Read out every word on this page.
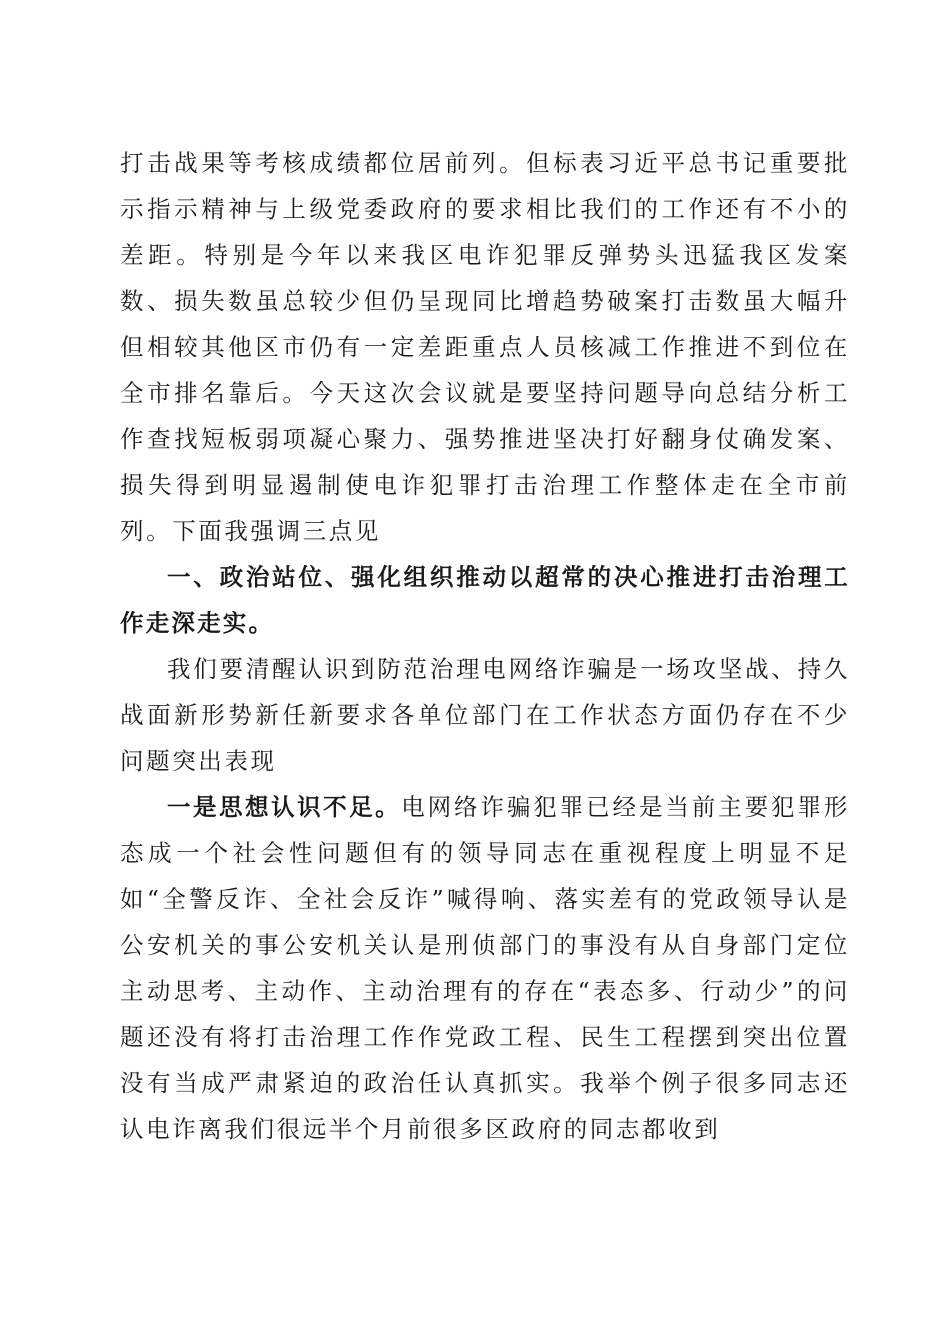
打击战果等考核成绩都位居前列。但标表习近平总书记重要批示指示精神与上级党委政府的要求相比我们的工作还有不小的差距。特别是今年以来我区电诈犯罪反弹势头迅猛我区发案数、损失数虽总较少但仍呈现同比增趋势破案打击数虽大幅升但相较其他区市仍有一定差距重点人员核减工作推进不到位在全市排名靠后。今天这次会议就是要坚持问题导向总结分析工作查找短板弱项凝心聚力、强势推进坚决打好翻身仗确发案、损失得到明显遏制使电诈犯罪打击治理工作整体走在全市前列。下面我强调三点见

一、政治站位、强化组织推动以超常的决心推进打击治理工作走深走实。

我们要清醒认识到防范治理电网络诈骗是一场攻坚战、持久战面新形势新任新要求各单位部门在工作状态方面仍存在不少问题突出表现

一是思想认识不足。电网络诈骗犯罪已经是当前主要犯罪形态成一个社会性问题但有的领导同志在重视程度上明显不足如“全警反诈、全社会反诈”喊得响、落实差有的党政领导认是公安机关的事公安机关认是刑侦部门的事没有从自身部门定位主动思考、主动作、主动治理有的存在“表态多、行动少”的问题还没有将打击治理工作作党政工程、民生工程摆到突出位置没有当成严肃紧迫的政治任认真抓实。我举个例子很多同志还认电诈离我们很远半个月前很多区政府的同志都收到
